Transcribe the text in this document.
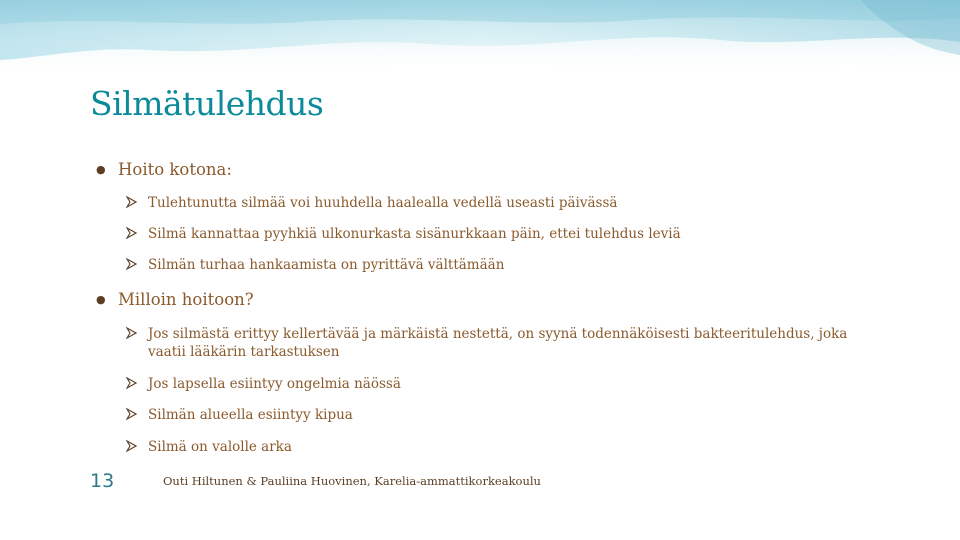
Silmätulehdus
● Hoito kotona:
Tulehtunutta silmää voi huuhdella haalealla vedellä useasti päivässä
Silmä kannattaa pyyhkiä ulkonurkasta sisänurkkaan päin, ettei tulehdus leviä
Silmän turhaa hankaamista on pyrittävä välttämään
● Milloin hoitoon?
Jos silmästä erittyy kellertävää ja märkäistä nestettä, on syynä todennäköisesti bakteeritulehdus, joka vaatii lääkärin tarkastuksen
Jos lapsella esiintyy ongelmia näössä
Silmän alueella esiintyy kipua
Silmä on valolle arka
13	Outi Hiltunen & Pauliina Huovinen, Karelia-ammattikorkeakoulu
